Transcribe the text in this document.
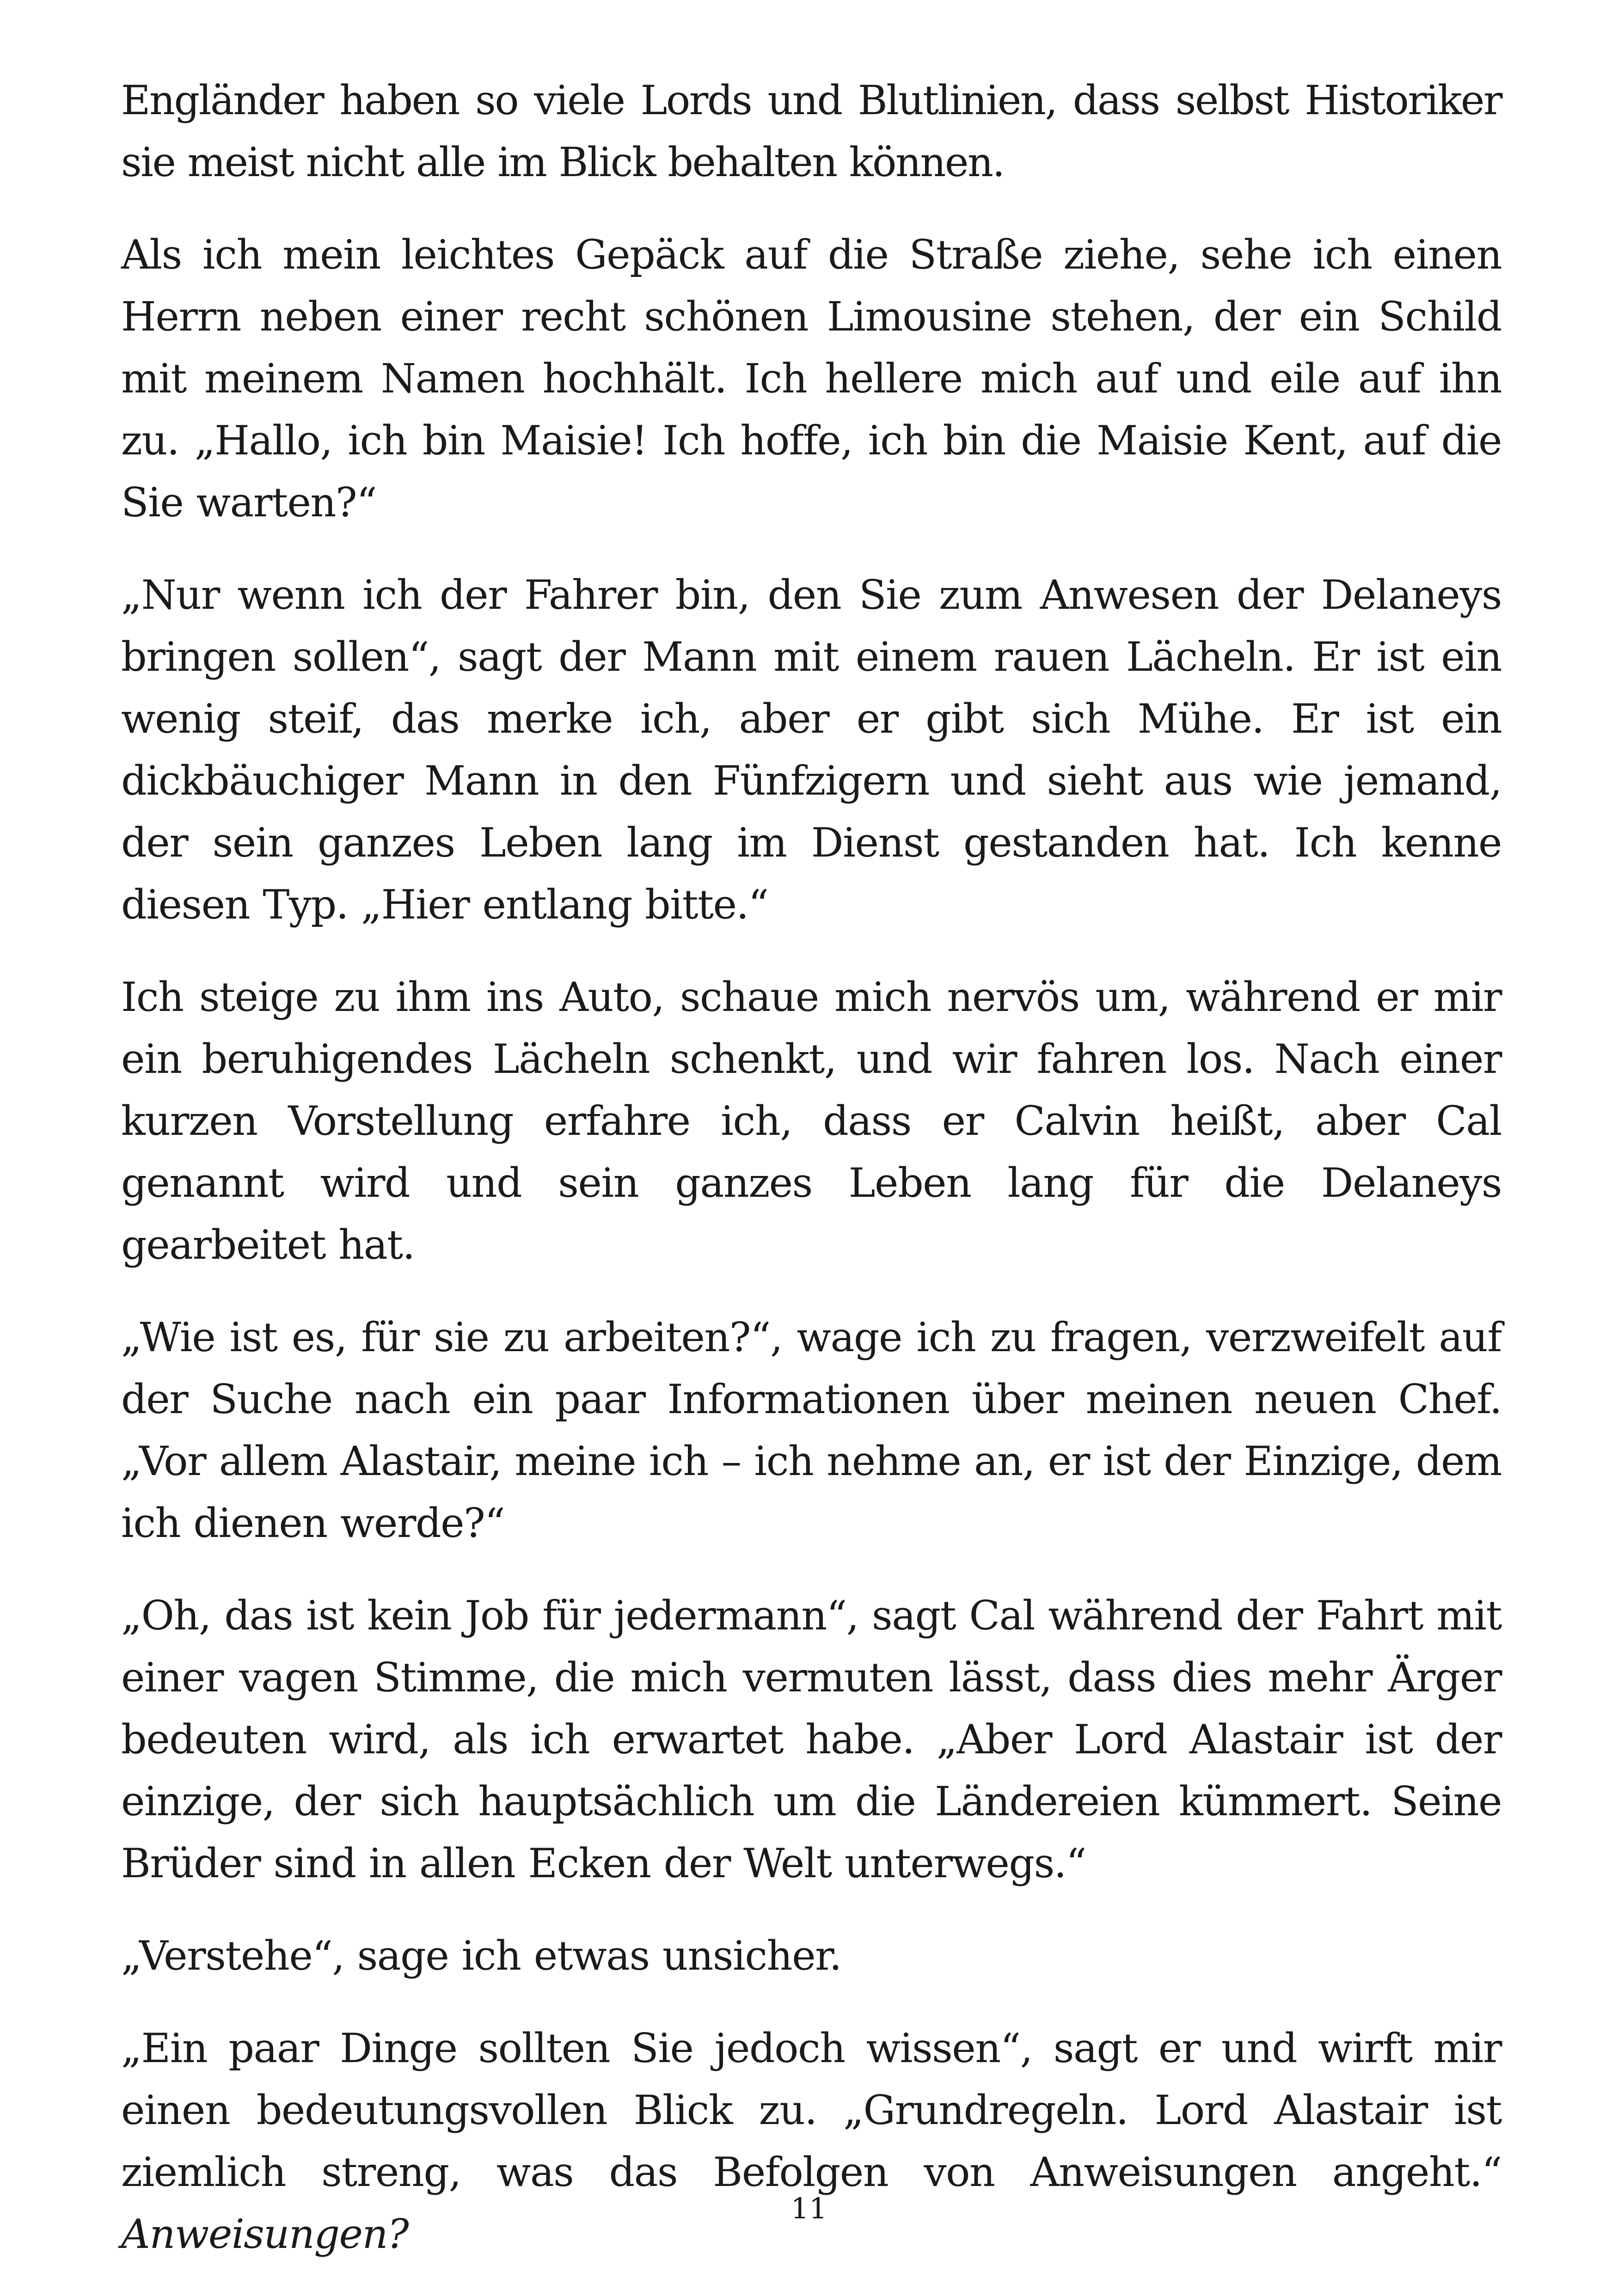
Engländer haben so viele Lords und Blutlinien, dass selbst Historiker sie meist nicht alle im Blick behalten können.

Als ich mein leichtes Gepäck auf die Straße ziehe, sehe ich einen Herrn neben einer recht schönen Limousine stehen, der ein Schild mit meinem Namen hochhält. Ich hellere mich auf und eile auf ihn zu. „Hallo, ich bin Maisie! Ich hoffe, ich bin die Maisie Kent, auf die Sie warten?“

„Nur wenn ich der Fahrer bin, den Sie zum Anwesen der Delaneys bringen sollen“, sagt der Mann mit einem rauen Lächeln. Er ist ein wenig steif, das merke ich, aber er gibt sich Mühe. Er ist ein dickbäuchiger Mann in den Fünfzigern und sieht aus wie jemand, der sein ganzes Leben lang im Dienst gestanden hat. Ich kenne diesen Typ. „Hier entlang bitte.“

Ich steige zu ihm ins Auto, schaue mich nervös um, während er mir ein beruhigendes Lächeln schenkt, und wir fahren los. Nach einer kurzen Vorstellung erfahre ich, dass er Calvin heißt, aber Cal genannt wird und sein ganzes Leben lang für die Delaneys gearbeitet hat.

„Wie ist es, für sie zu arbeiten?“, wage ich zu fragen, verzweifelt auf der Suche nach ein paar Informationen über meinen neuen Chef. „Vor allem Alastair, meine ich – ich nehme an, er ist der Einzige, dem ich dienen werde?“

„Oh, das ist kein Job für jedermann“, sagt Cal während der Fahrt mit einer vagen Stimme, die mich vermuten lässt, dass dies mehr Ärger bedeuten wird, als ich erwartet habe. „Aber Lord Alastair ist der einzige, der sich hauptsächlich um die Ländereien kümmert. Seine Brüder sind in allen Ecken der Welt unterwegs.“

„Verstehe“, sage ich etwas unsicher.

„Ein paar Dinge sollten Sie jedoch wissen“, sagt er und wirft mir einen bedeutungsvollen Blick zu. „Grundregeln. Lord Alastair ist ziemlich streng, was das Befolgen von Anweisungen angeht.“ Anweisungen?

11
